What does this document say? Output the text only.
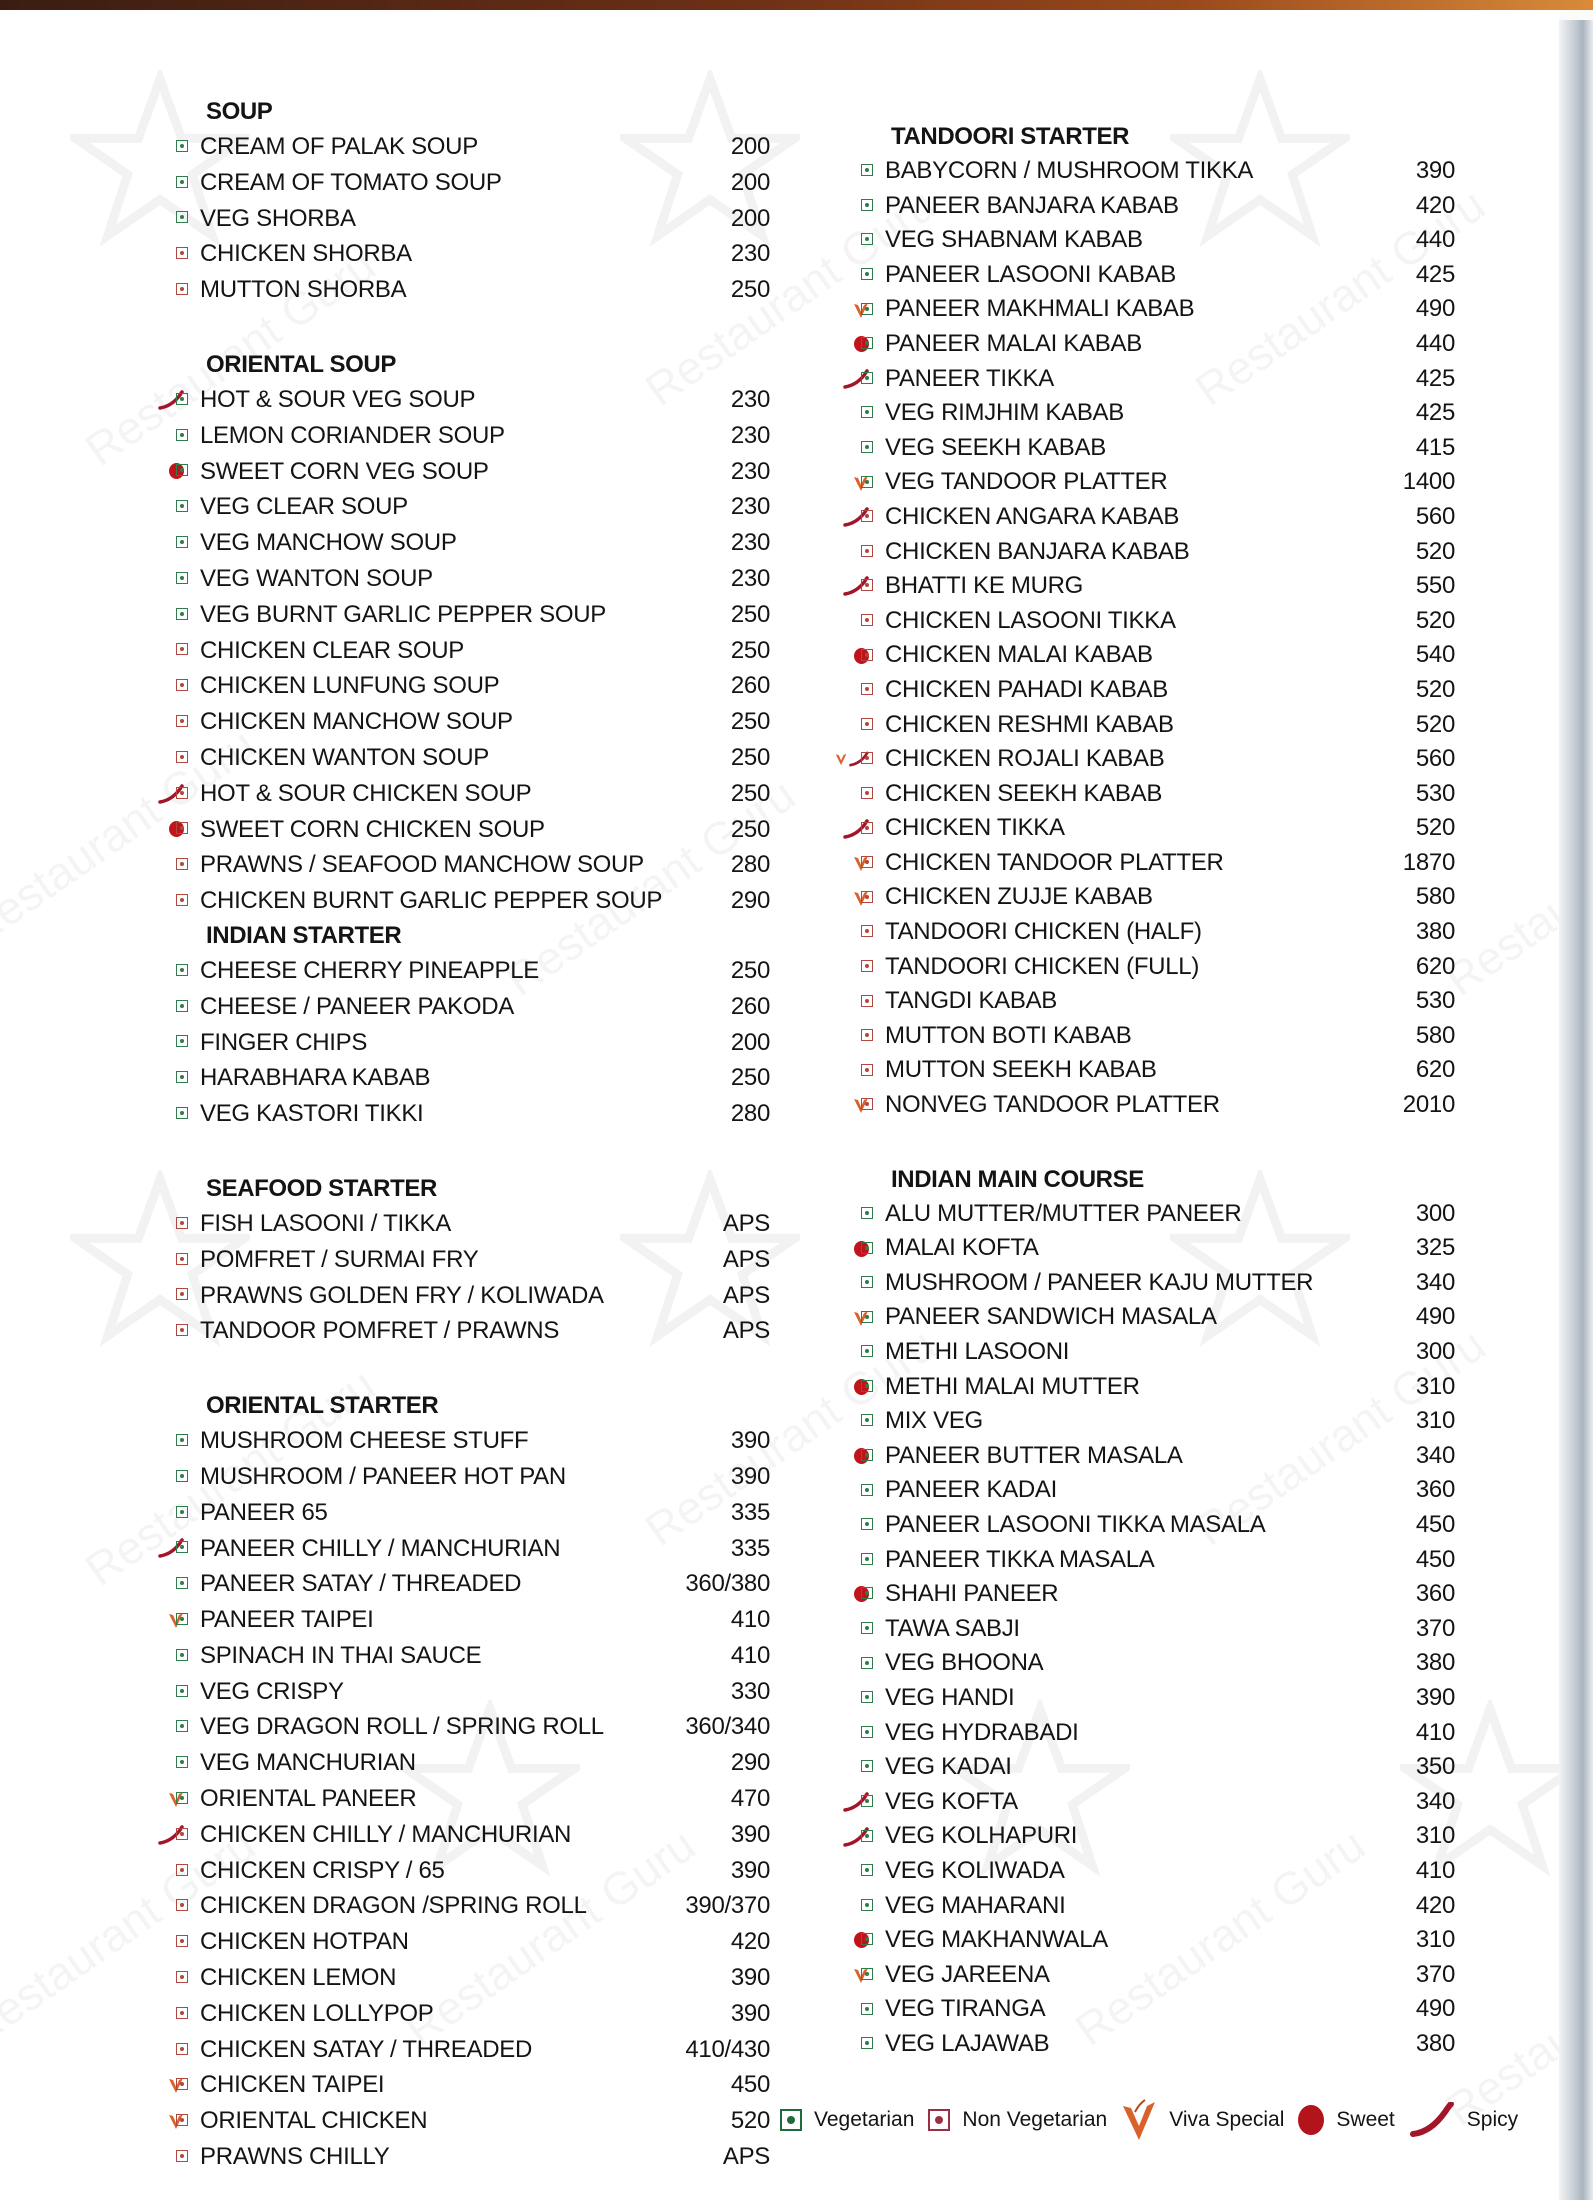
SOUP
CREAM OF PALAK SOUP	200
CREAM OF TOMATO SOUP	200
VEG SHORBA	200
CHICKEN SHORBA	230
MUTTON SHORBA	250
ORIENTAL SOUP
HOT & SOUR VEG SOUP	230
LEMON CORIANDER SOUP	230
SWEET CORN VEG SOUP	230
VEG CLEAR SOUP	230
VEG MANCHOW SOUP	230
VEG WANTON SOUP	230
VEG BURNT GARLIC PEPPER SOUP	250
CHICKEN CLEAR SOUP	250
CHICKEN LUNFUNG SOUP	260
CHICKEN MANCHOW SOUP	250
CHICKEN WANTON SOUP	250
HOT & SOUR CHICKEN SOUP	250
SWEET CORN CHICKEN SOUP	250
PRAWNS / SEAFOOD MANCHOW SOUP	280
CHICKEN BURNT GARLIC PEPPER SOUP	290
INDIAN STARTER
CHEESE CHERRY PINEAPPLE	250
CHEESE / PANEER PAKODA	260
FINGER CHIPS	200
HARABHARA KABAB	250
VEG KASTORI TIKKI	280
SEAFOOD STARTER
FISH LASOONI / TIKKA	APS
POMFRET / SURMAI FRY	APS
PRAWNS GOLDEN FRY / KOLIWADA	APS
TANDOOR POMFRET / PRAWNS	APS
ORIENTAL STARTER
MUSHROOM CHEESE STUFF	390
MUSHROOM / PANEER HOT PAN	390
PANEER 65	335
PANEER CHILLY / MANCHURIAN	335
PANEER SATAY / THREADED	360/380
PANEER TAIPEI	410
SPINACH IN THAI SAUCE	410
VEG CRISPY	330
VEG DRAGON ROLL / SPRING ROLL	360/340
VEG MANCHURIAN	290
ORIENTAL PANEER	470
CHICKEN CHILLY / MANCHURIAN	390
CHICKEN CRISPY / 65	390
CHICKEN DRAGON /SPRING ROLL	390/370
CHICKEN HOTPAN	420
CHICKEN LEMON	390
CHICKEN LOLLYPOP	390
CHICKEN SATAY / THREADED	410/430
CHICKEN TAIPEI	450
ORIENTAL CHICKEN	520
PRAWNS CHILLY	APS
TANDOORI STARTER
BABYCORN / MUSHROOM TIKKA	390
PANEER BANJARA KABAB	420
VEG SHABNAM KABAB	440
PANEER LASOONI KABAB	425
PANEER MAKHMALI KABAB	490
PANEER MALAI KABAB	440
PANEER TIKKA	425
VEG RIMJHIM KABAB	425
VEG SEEKH KABAB	415
VEG TANDOOR PLATTER	1400
CHICKEN ANGARA KABAB	560
CHICKEN BANJARA KABAB	520
BHATTI KE MURG	550
CHICKEN LASOONI TIKKA	520
CHICKEN MALAI KABAB	540
CHICKEN PAHADI KABAB	520
CHICKEN RESHMI KABAB	520
CHICKEN ROJALI KABAB	560
CHICKEN SEEKH KABAB	530
CHICKEN TIKKA	520
CHICKEN TANDOOR PLATTER	1870
CHICKEN ZUJJE KABAB	580
TANDOORI CHICKEN (HALF)	380
TANDOORI CHICKEN (FULL)	620
TANGDI KABAB	530
MUTTON BOTI KABAB	580
MUTTON SEEKH KABAB	620
NONVEG TANDOOR PLATTER	2010
INDIAN MAIN COURSE
ALU MUTTER/MUTTER PANEER	300
MALAI KOFTA	325
MUSHROOM / PANEER KAJU MUTTER	340
PANEER SANDWICH MASALA	490
METHI LASOONI	300
METHI MALAI MUTTER	310
MIX VEG	310
PANEER BUTTER MASALA	340
PANEER KADAI	360
PANEER LASOONI TIKKA MASALA	450
PANEER TIKKA MASALA	450
SHAHI PANEER	360
TAWA SABJI	370
VEG BHOONA	380
VEG HANDI	390
VEG HYDRABADI	410
VEG KADAI	350
VEG KOFTA	340
VEG KOLHAPURI	310
VEG KOLIWADA	410
VEG MAHARANI	420
VEG MAKHANWALA	310
VEG JAREENA	370
VEG TIRANGA	490
VEG LAJAWAB	380
Vegetarian Non Vegetarian	Viva Special Sweet	Spicy
